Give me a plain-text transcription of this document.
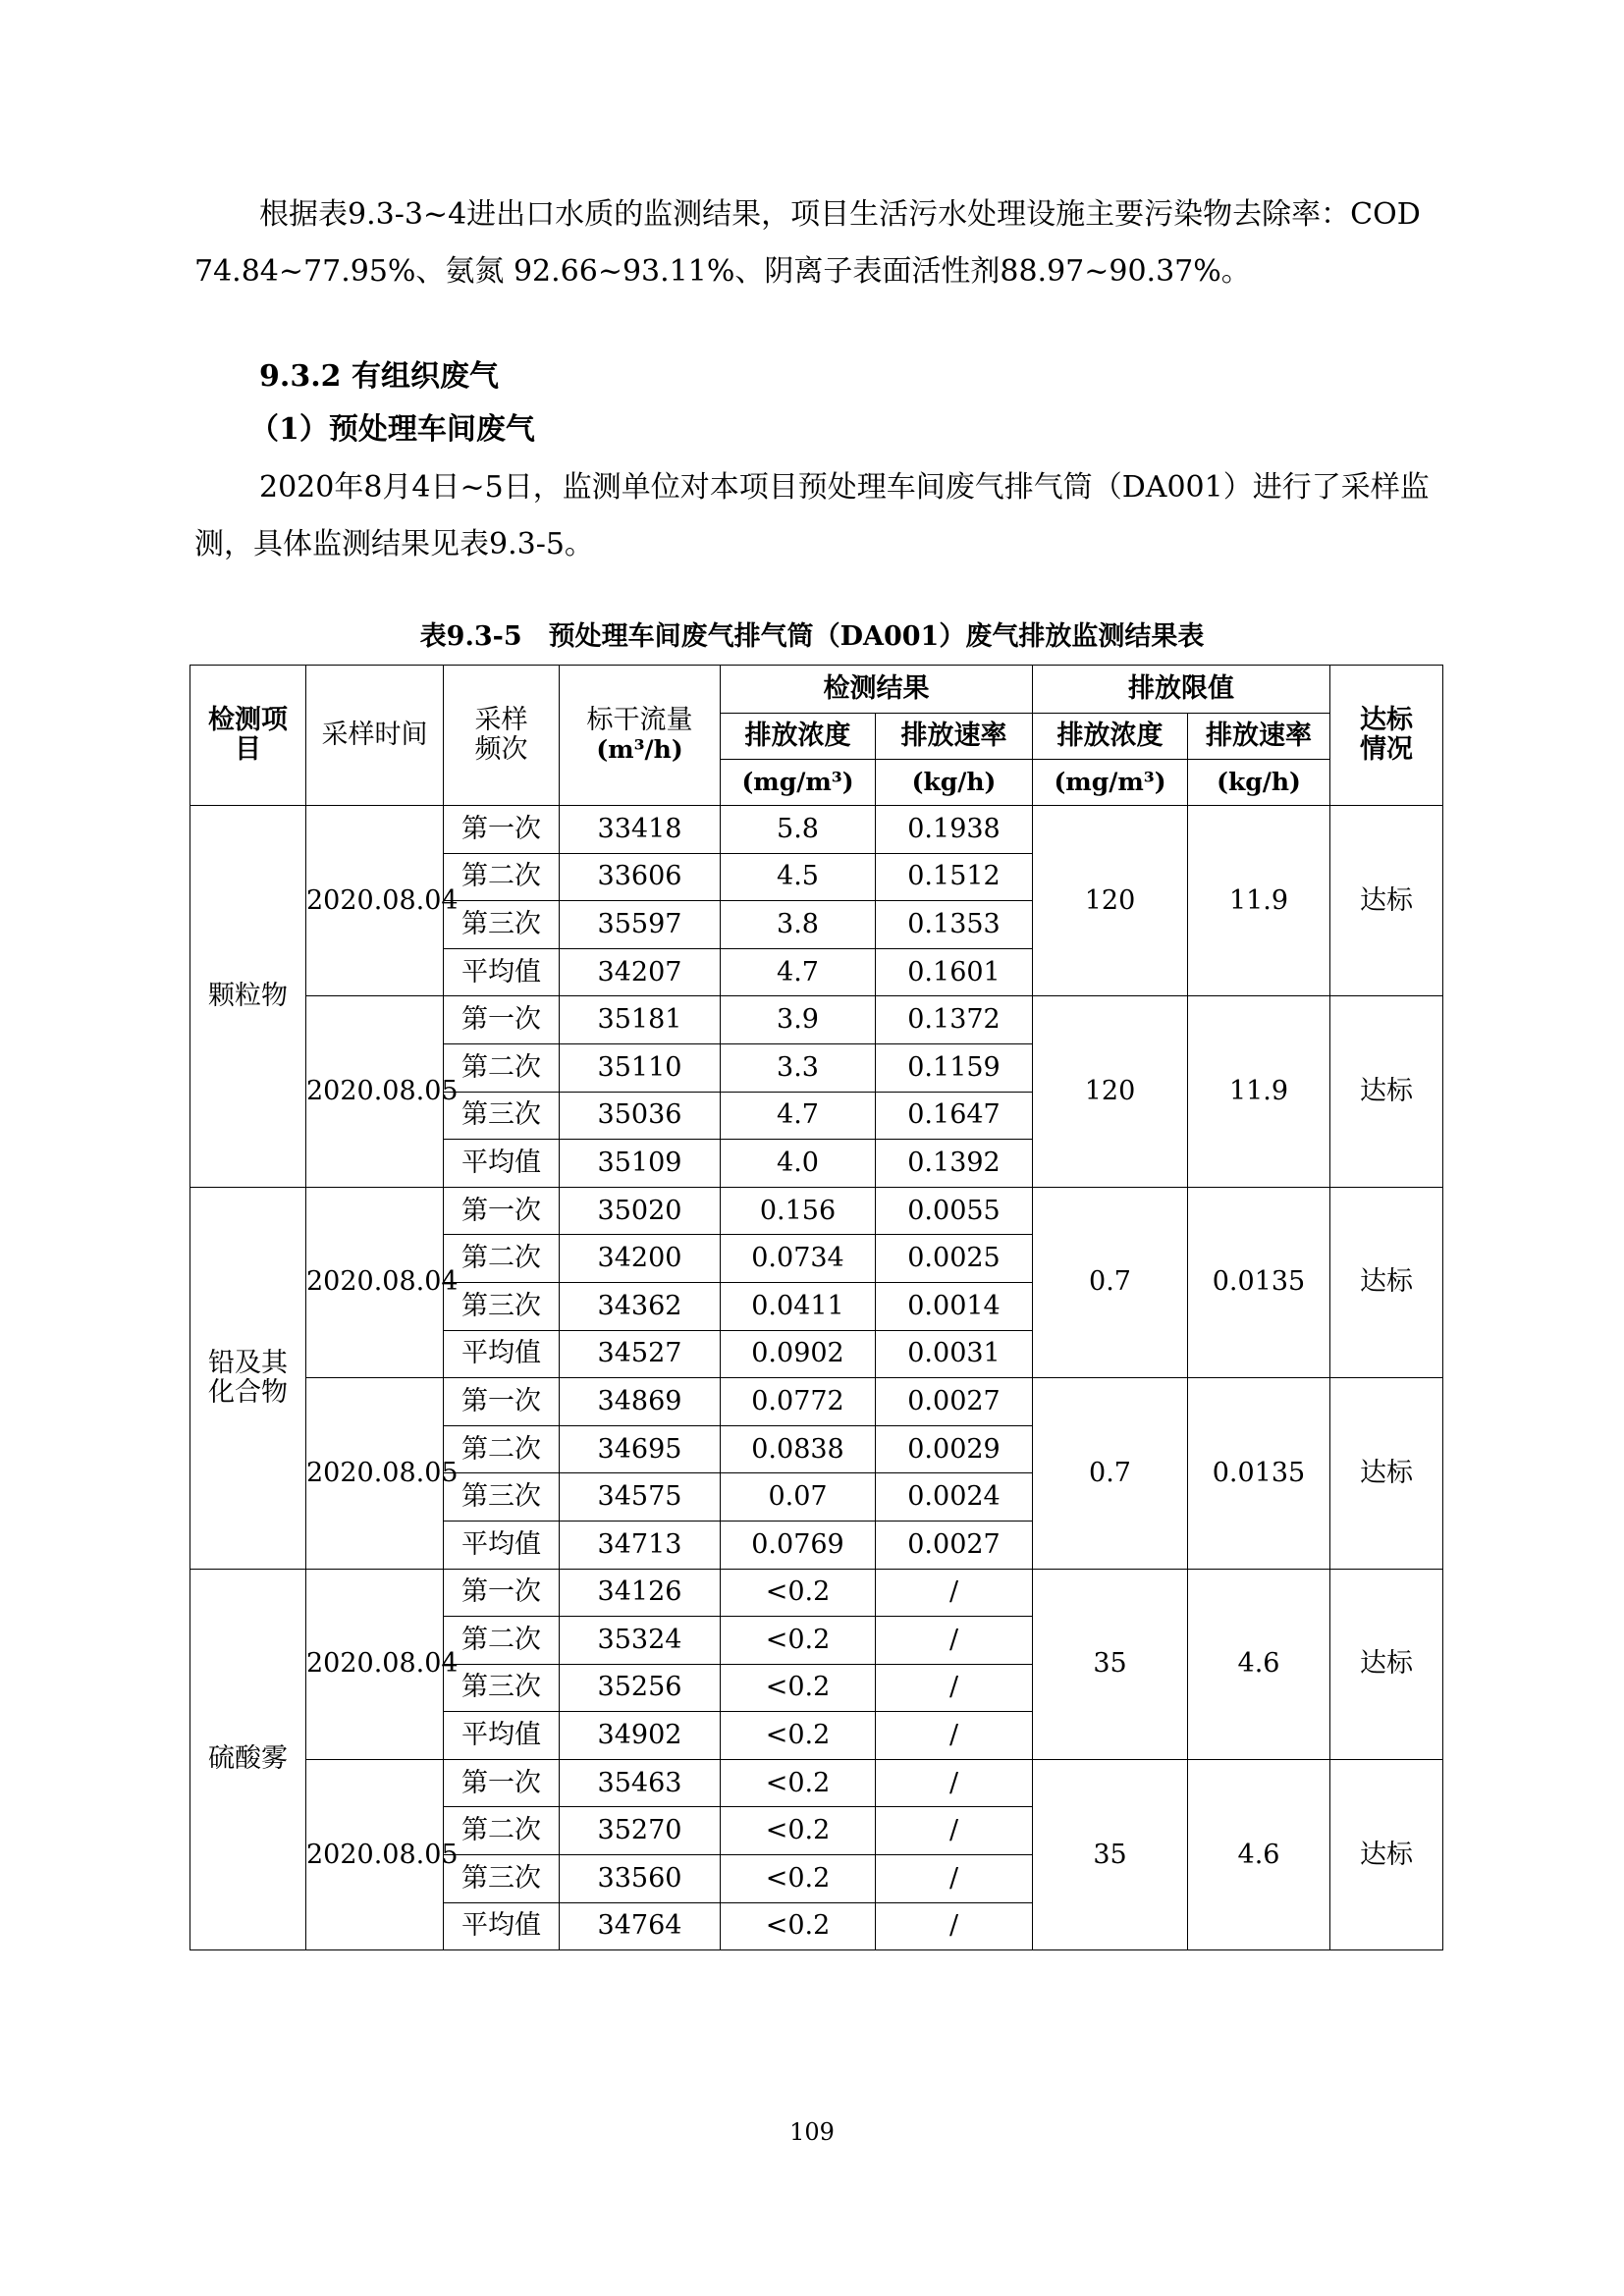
根据表9.3-3~4进出口水质的监测结果，项目生活污水处理设施主要污染物去除率：COD 74.84~77.95%、氨氮 92.66~93.11%、阴离子表面活性剂88.97~90.37%。

9.3.2 有组织废气

（1）预处理车间废气

2020年8月4日~5日，监测单位对本项目预处理车间废气排气筒（DA001）进行了采样监测，具体监测结果见表9.3-5。

表9.3-5　预处理车间废气排气筒（DA001）废气排放监测结果表

检测项目	采样时间	采样频次	标干流量
(m³/h)	检测结果		排放限值		达标情况
				排放浓度	排放速率	排放浓度	排放速率	
				(mg/m³)	(kg/h)	(mg/m³)	(kg/h)	
颗粒物	2020.08.04	第一次	33418	5.8	0.1938	120	11.9	达标
		第二次	33606	4.5	0.1512			
		第三次	35597	3.8	0.1353			
		平均值	34207	4.7	0.1601			
	2020.08.05	第一次	35181	3.9	0.1372	120	11.9	达标
		第二次	35110	3.3	0.1159			
		第三次	35036	4.7	0.1647			
		平均值	35109	4.0	0.1392			
铅及其化合物	2020.08.04	第一次	35020	0.156	0.0055	0.7	0.0135	达标
		第二次	34200	0.0734	0.0025			
		第三次	34362	0.0411	0.0014			
		平均值	34527	0.0902	0.0031			
	2020.08.05	第一次	34869	0.0772	0.0027	0.7	0.0135	达标
		第二次	34695	0.0838	0.0029			
		第三次	34575	0.07	0.0024			
		平均值	34713	0.0769	0.0027			
硫酸雾	2020.08.04	第一次	34126	<0.2	/	35	4.6	达标
		第二次	35324	<0.2	/			
		第三次	35256	<0.2	/			
		平均值	34902	<0.2	/			
	2020.08.05	第一次	35463	<0.2	/	35	4.6	达标
		第二次	35270	<0.2	/			
		第三次	33560	<0.2	/			
		平均值	34764	<0.2	/			

109
